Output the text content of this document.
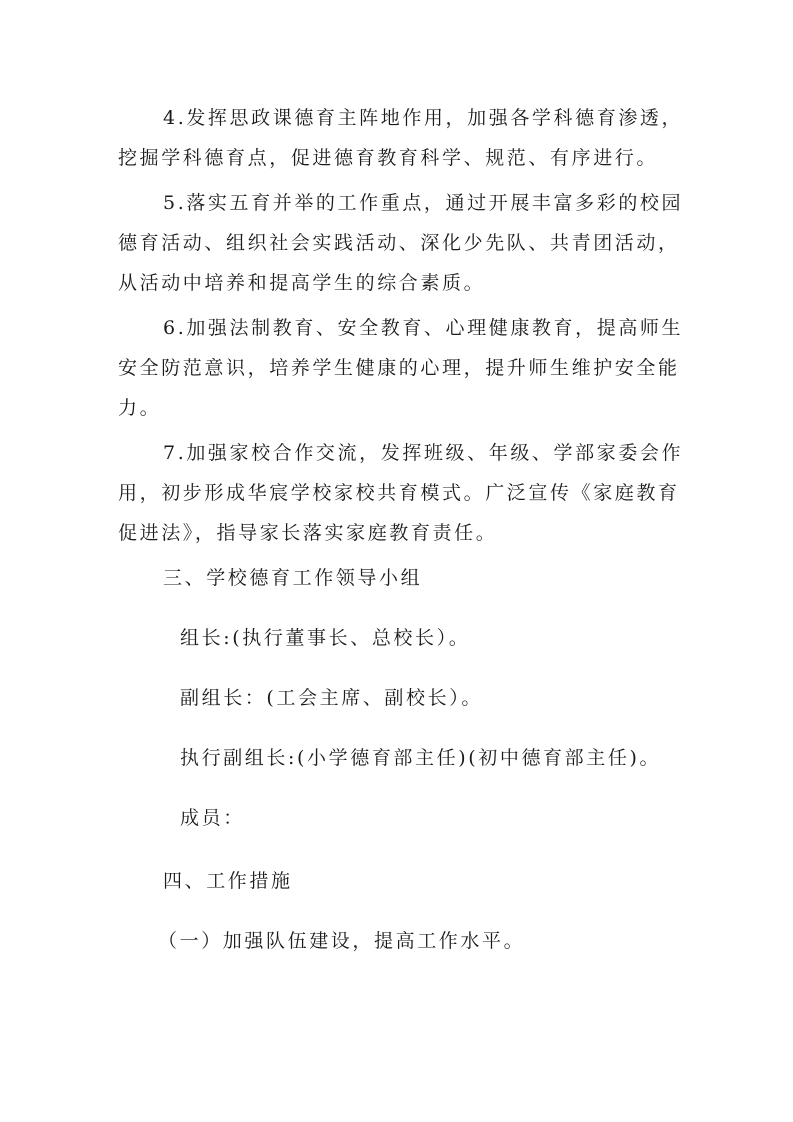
4.发挥思政课德育主阵地作用，加强各学科德育渗透，
挖掘学科德育点，促进德育教育科学、规范、有序进行。
5.落实五育并举的工作重点，通过开展丰富多彩的校园
德育活动、组织社会实践活动、深化少先队、共青团活动，
从活动中培养和提高学生的综合素质。
6.加强法制教育、安全教育、心理健康教育，提高师生
安全防范意识，培养学生健康的心理，提升师生维护安全能
力。
7.加强家校合作交流，发挥班级、年级、学部家委会作
用，初步形成华宸学校家校共育模式。广泛宣传《家庭教育
促进法》，指导家长落实家庭教育责任。
三、学校德育工作领导小组
组长:(执行董事长、总校长）。
副组长：(工会主席、副校长）。
执行副组长:(小学德育部主任)(初中德育部主任)。
成员：
四、工作措施
（一）加强队伍建设，提高工作水平。
